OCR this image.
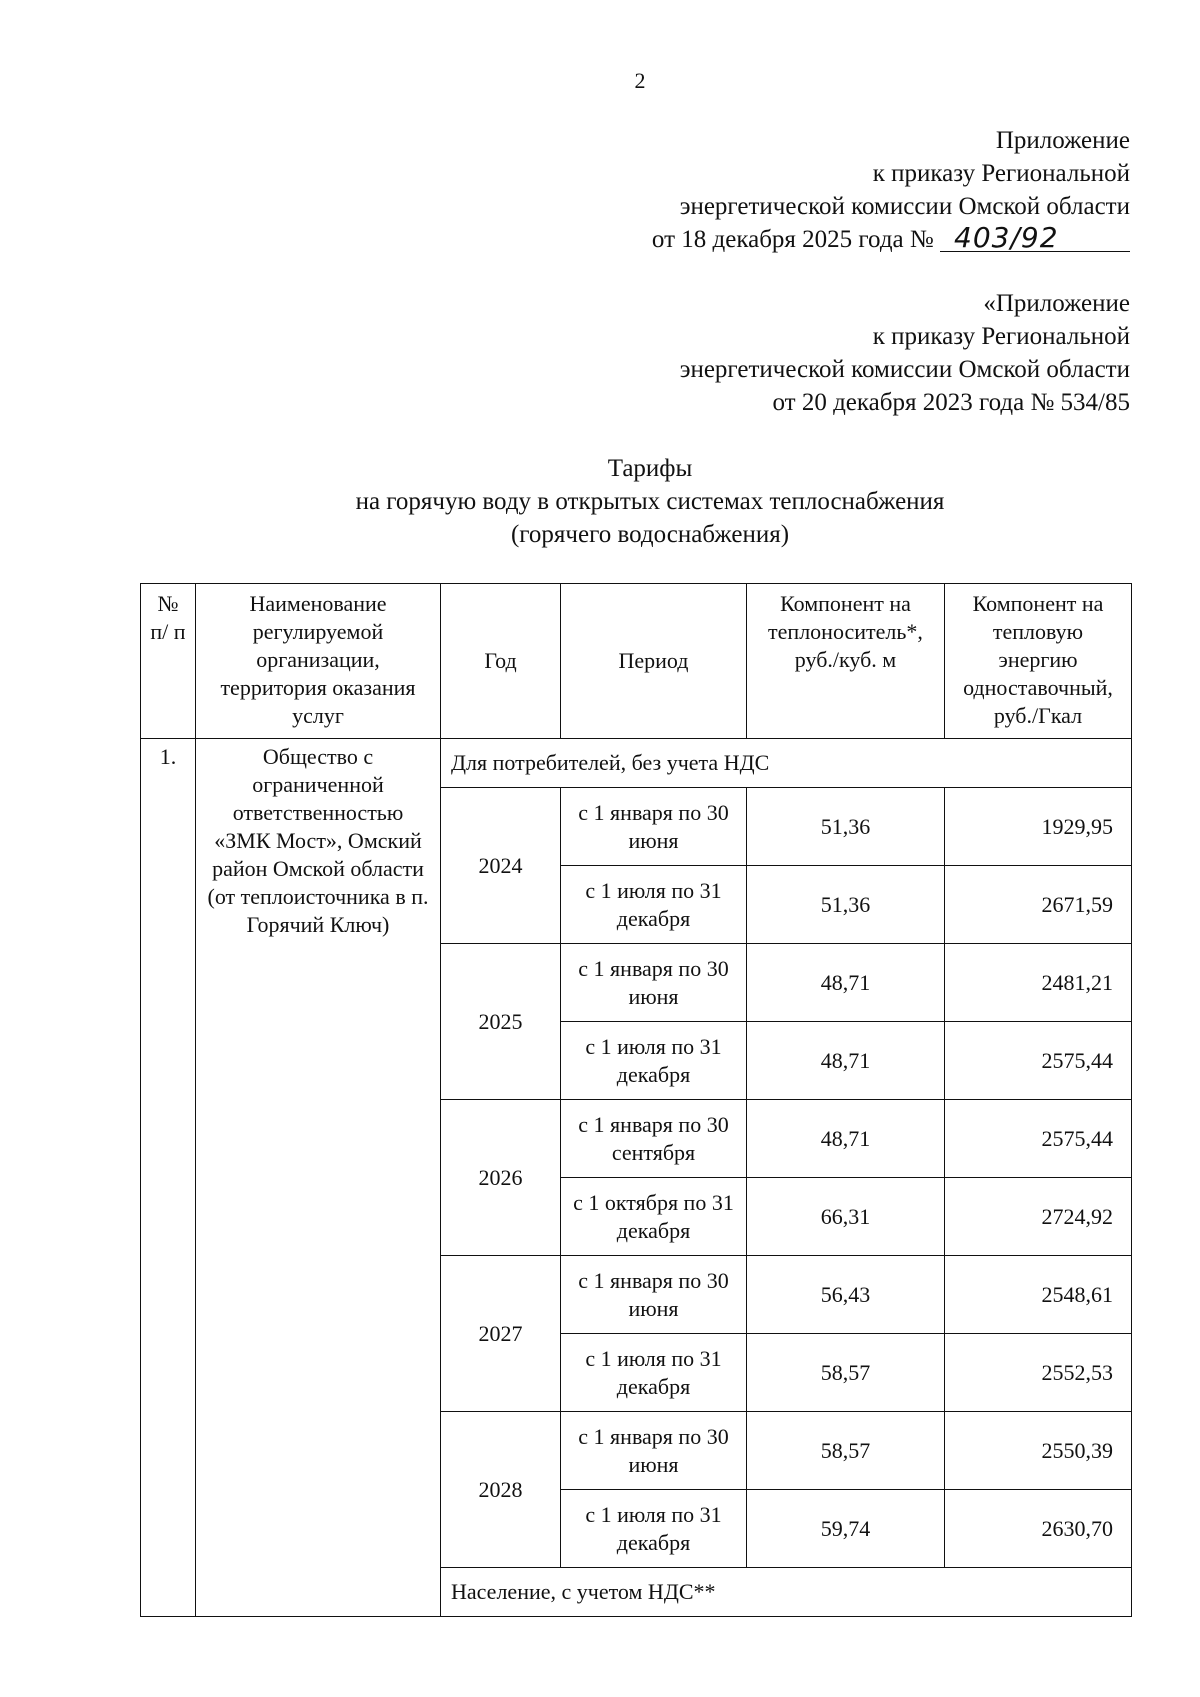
2
Приложение
к приказу Региональной
энергетической комиссии Омской области
от 18 декабря 2025 года № 403/92
«Приложение
к приказу Региональной
энергетической комиссии Омской области
от 20 декабря 2023 года № 534/85
Тарифы
на горячую воду в открытых системах теплоснабжения
(горячего водоснабжения)
№ п/ п	Наименование регулируемой организации, территория оказания услуг	Год	Период	Компонент на теплоноситель*, руб./куб. м	Компонент на тепловую энергию одноставочный, руб./Гкал
1.	Общество с ограниченной ответственностью «ЗМК Мост», Омский район Омской области (от теплоисточника в п. Горячий Ключ)	Для потребителей, без учета НДС			
		2024	с 1 января по 30 июня	51,36	1929,95
			с 1 июля по 31 декабря	51,36	2671,59
		2025	с 1 января по 30 июня	48,71	2481,21
			с 1 июля по 31 декабря	48,71	2575,44
		2026	с 1 января по 30 сентября	48,71	2575,44
			с 1 октября по 31 декабря	66,31	2724,92
		2027	с 1 января по 30 июня	56,43	2548,61
			с 1 июля по 31 декабря	58,57	2552,53
		2028	с 1 января по 30 июня	58,57	2550,39
			с 1 июля по 31 декабря	59,74	2630,70
		Население, с учетом НДС**			
